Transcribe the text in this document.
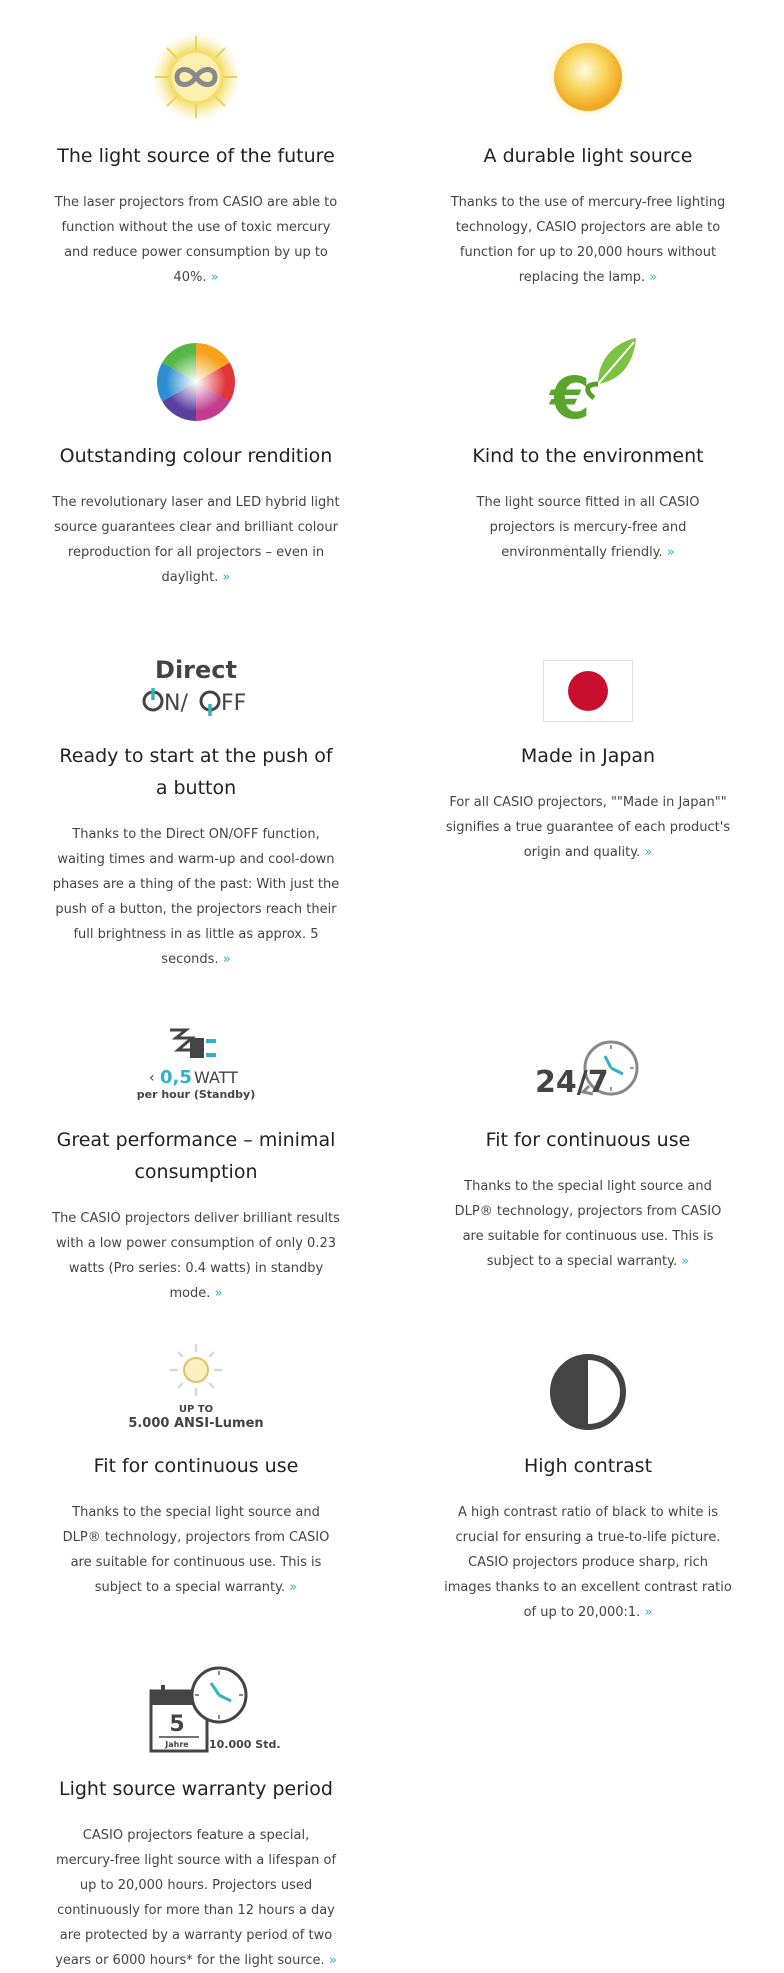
The light source of the future

The laser projectors from CASIO are able to function without the use of toxic mercury and reduce power consumption by up to 40%. »

A durable light source

Thanks to the use of mercury-free lighting technology, CASIO projectors are able to function for up to 20,000 hours without replacing the lamp. »

Outstanding colour rendition

The revolutionary laser and LED hybrid light source guarantees clear and brilliant colour reproduction for all projectors – even in daylight. »

€
Kind to the environment

The light source fitted in all CASIO projectors is mercury-free and environmentally friendly. »

Direct
N/ FF
Ready to start at the push of a button

Thanks to the Direct ON/OFF function, waiting times and warm-up and cool-down phases are a thing of the past: With just the push of a button, the projectors reach their full brightness in as little as approx. 5 seconds. »

Made in Japan

For all CASIO projectors, ""Made in Japan"" signifies a true guarantee of each product's origin and quality. »

‹ 0,5 WATT
per hour (Standby)
Great performance – minimal consumption

The CASIO projectors deliver brilliant results with a low power consumption of only 0.23 watts (Pro series: 0.4 watts) in standby mode. »

24/7
Fit for continuous use

Thanks to the special light source and DLP® technology, projectors from CASIO are suitable for continuous use. This is subject to a special warranty. »

UP TO
5.000 ANSI-Lumen
Fit for continuous use

Thanks to the special light source and DLP® technology, projectors from CASIO are suitable for continuous use. This is subject to a special warranty. »

High contrast

A high contrast ratio of black to white is crucial for ensuring a true-to-life picture. CASIO projectors produce sharp, rich images thanks to an excellent contrast ratio of up to 20,000:1. »

5
Jahre 10.000 Std.
Light source warranty period

CASIO projectors feature a special, mercury-free light source with a lifespan of up to 20,000 hours. Projectors used continuously for more than 12 hours a day are protected by a warranty period of two years or 6000 hours* for the light source. »
